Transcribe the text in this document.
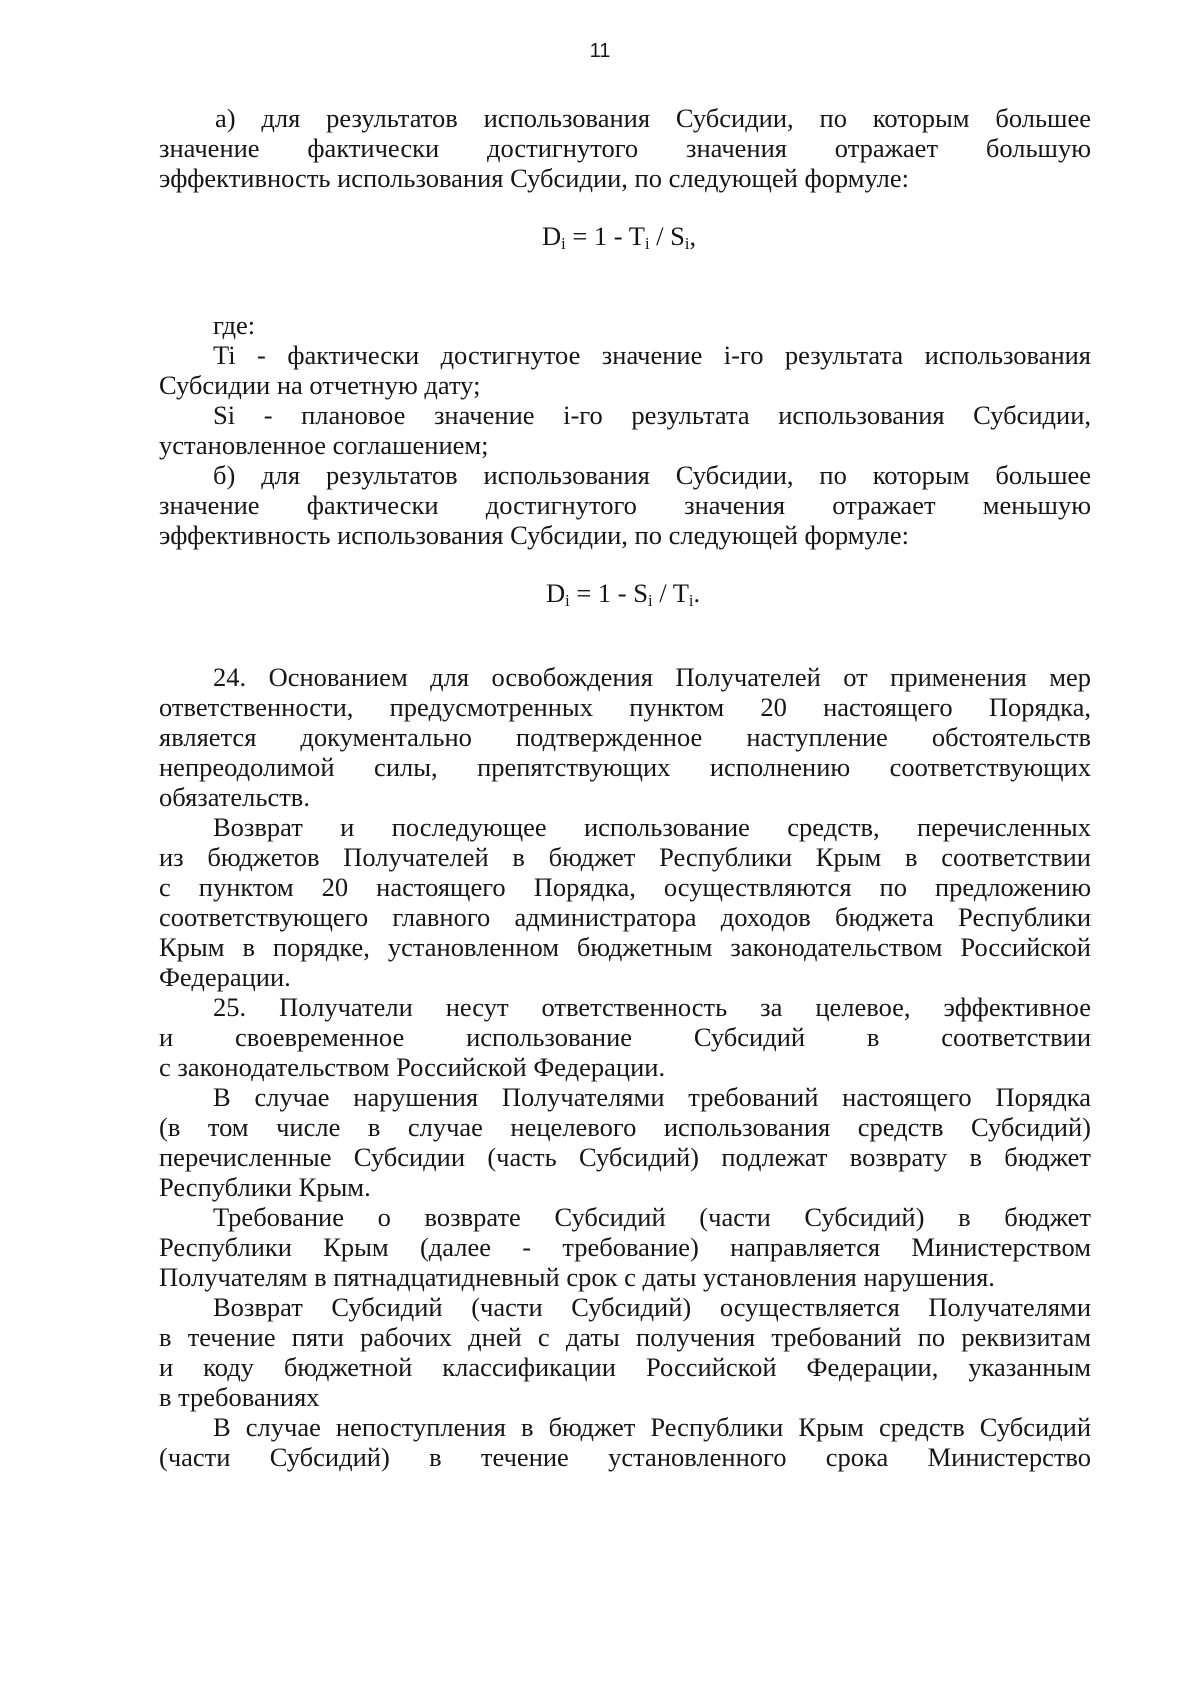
11
а) для результатов использования Субсидии, по которым большее
значение фактически достигнутого значения отражает большую
эффективность использования Субсидии, по следующей формуле:
$D_i = 1 - T_i / S_i$,
где:
Ti - фактически достигнутое значение i-го результата использования
Субсидии на отчетную дату;
Si - плановое значение i-го результата использования Субсидии,
установленное соглашением;
б) для результатов использования Субсидии, по которым большее
значение фактически достигнутого значения отражает меньшую
эффективность использования Субсидии, по следующей формуле:
$D_i = 1 - S_i / T_i$.
24. Основанием для освобождения Получателей от применения мер
ответственности, предусмотренных пунктом 20 настоящего Порядка,
является документально подтвержденное наступление обстоятельств
непреодолимой силы, препятствующих исполнению соответствующих
обязательств.
Возврат и последующее использование средств, перечисленных
из бюджетов Получателей в бюджет Республики Крым в соответствии
с пунктом 20 настоящего Порядка, осуществляются по предложению
соответствующего главного администратора доходов бюджета Республики
Крым в порядке, установленном бюджетным законодательством Российской
Федерации.
25. Получатели несут ответственность за целевое, эффективное
и своевременное использование Субсидий в соответствии
с законодательством Российской Федерации.
В случае нарушения Получателями требований настоящего Порядка
(в том числе в случае нецелевого использования средств Субсидий)
перечисленные Субсидии (часть Субсидий) подлежат возврату в бюджет
Республики Крым.
Требование о возврате Субсидий (части Субсидий) в бюджет
Республики Крым (далее - требование) направляется Министерством
Получателям в пятнадцатидневный срок с даты установления нарушения.
Возврат Субсидий (части Субсидий) осуществляется Получателями
в течение пяти рабочих дней с даты получения требований по реквизитам
и коду бюджетной классификации Российской Федерации, указанным
в требованиях
В случае непоступления в бюджет Республики Крым средств Субсидий
(части Субсидий) в течение установленного срока Министерство
